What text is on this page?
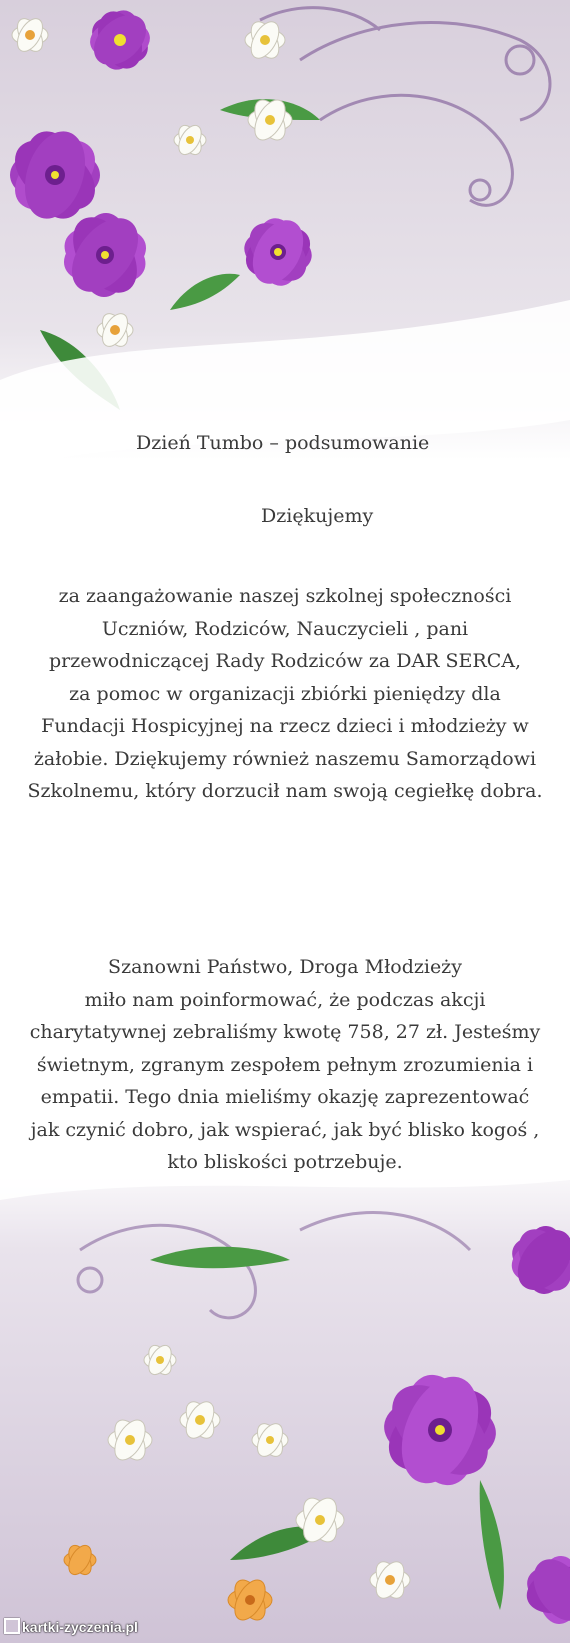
Dzień Tumbo – podsumowanie
Dziękujemy
za zaangażowanie naszej szkolnej społeczności
Uczniów, Rodziców, Nauczycieli , pani
przewodniczącej Rady Rodziców za DAR SERCA,
za pomoc w organizacji zbiórki pieniędzy dla
Fundacji Hospicyjnej na rzecz dzieci i młodzieży w
żałobie. Dziękujemy również naszemu Samorządowi
Szkolnemu, który dorzucił nam swoją cegiełkę dobra.
Szanowni Państwo, Droga Młodzieży
miło nam poinformować, że podczas akcji
charytatywnej zebraliśmy kwotę 758, 27 zł. Jesteśmy
świetnym, zgranym zespołem pełnym zrozumienia i
empatii. Tego dnia mieliśmy okazję zaprezentować
jak czynić dobro, jak wspierać, jak być blisko kogoś ,
kto bliskości potrzebuje.
kartki-zyczenia.pl
